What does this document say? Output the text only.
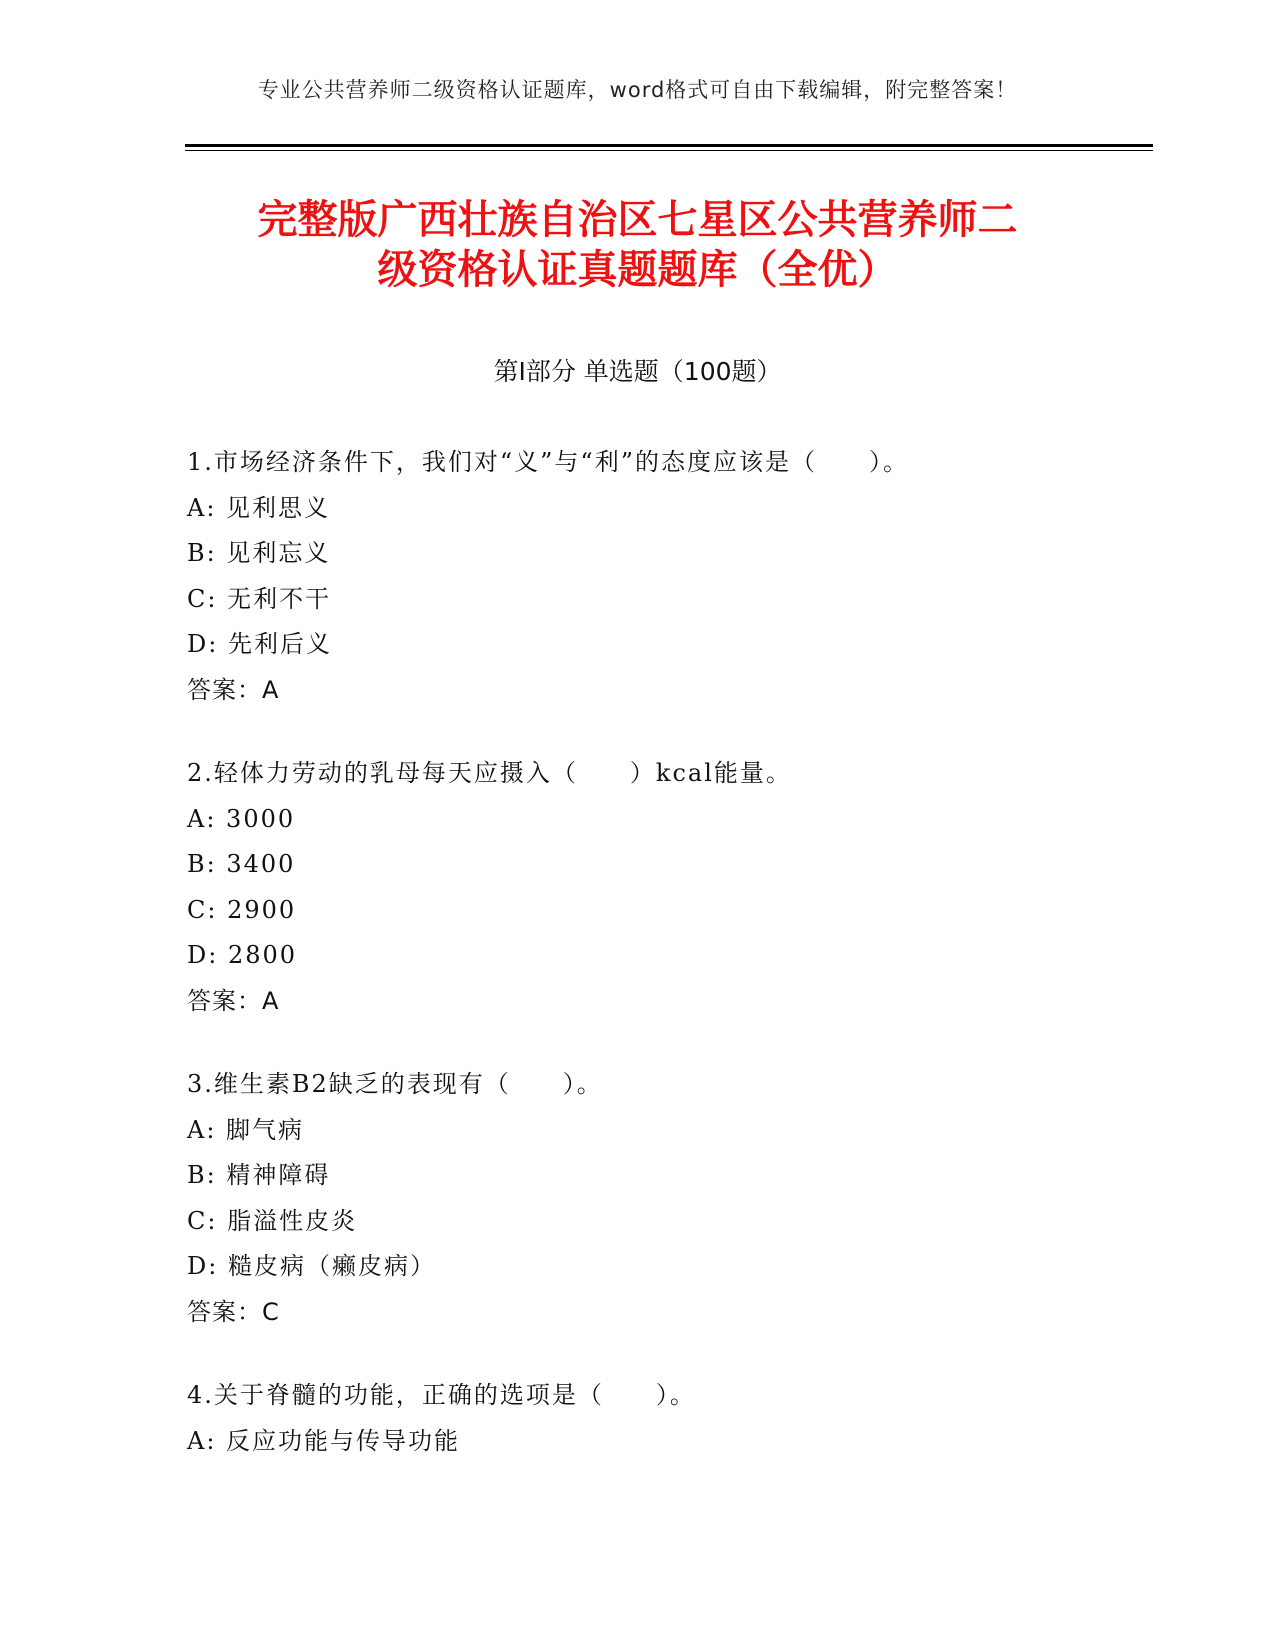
专业公共营养师二级资格认证题库，word格式可自由下载编辑，附完整答案！
完整版广西壮族自治区七星区公共营养师二
级资格认证真题题库（全优）
第Ⅰ部分 单选题（100题）
1.市场经济条件下，我们对“义”与“利”的态度应该是（　　）。
A: 见利思义
B: 见利忘义
C: 无利不干
D: 先利后义
答案：A
2.轻体力劳动的乳母每天应摄入（　　）kcal能量。
A: 3000
B: 3400
C: 2900
D: 2800
答案：A
3.维生素B2缺乏的表现有（　　）。
A: 脚气病
B: 精神障碍
C: 脂溢性皮炎
D: 糙皮病（癞皮病）
答案：C
4.关于脊髓的功能，正确的选项是（　　）。
A: 反应功能与传导功能
